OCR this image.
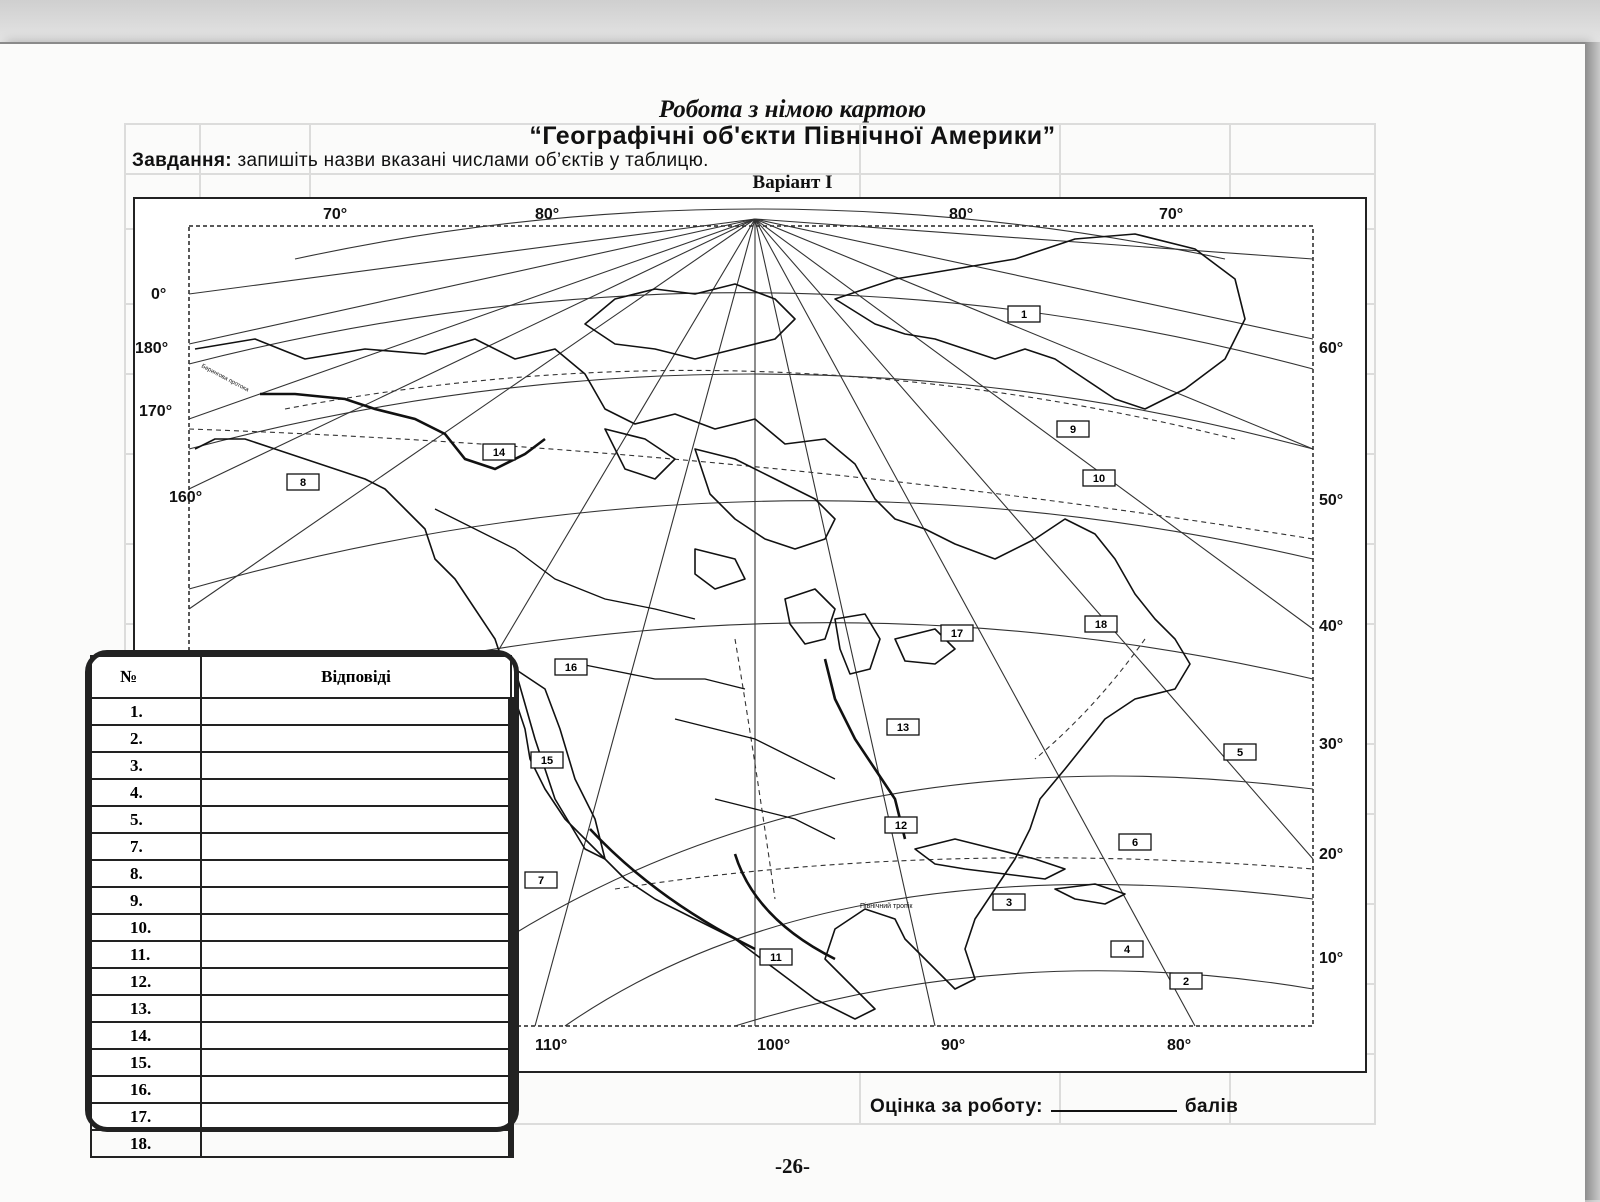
Робота з німою картою
“Географічні об'єкти Північної Америки”
Завдання: запишіть назви вказані числами об’єктів у таблицю.
Варіант І
1
2
3
4
5
6
7
8
9
10
11
12
13
14
15
16
17
18
Північний тропік
Берингова протока
70°	80°	80°	70°
0°
180°
170°
160°
60°
50°
40°
30°
20°
10°
110°	100°	90°	80°
№	Відповіді
1.	
2.	
3.	
4.	
5.	
7.	
8.	
9.	
10.	
11.	
12.	
13.	
14.	
15.	
16.	
17.	
18.	
Оцінка за роботу:	балів
-26-
